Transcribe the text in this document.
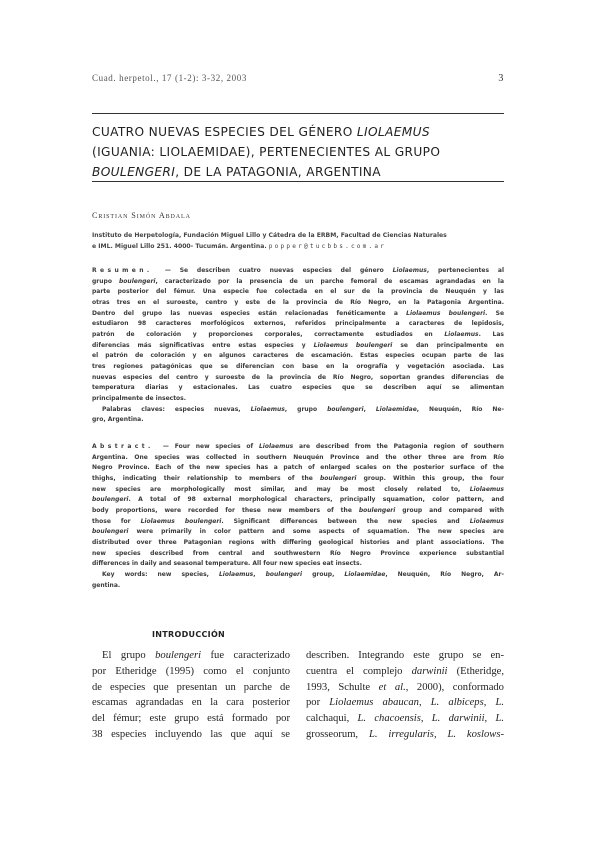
Cuad. herpetol., 17 (1-2): 3-32, 2003	3
CUATRO NUEVAS ESPECIES DEL GÉNERO LIOLAEMUS
(IGUANIA: LIOLAEMIDAE), PERTENECIENTES AL GRUPO
BOULENGERI, DE LA PATAGONIA, ARGENTINA
Cristian Simón Abdala
Instituto de Herpetología, Fundación Miguel Lillo y Cátedra de la ERBM, Facultad de Ciencias Naturales
e IML. Miguel Lillo 251. 4000- Tucumán. Argentina. popper@tucbbs.com.ar
Resumen. — Se describen cuatro nuevas especies del género Liolaemus, pertenecientes al
grupo boulengeri, caracterizado por la presencia de un parche femoral de escamas agrandadas en la
parte posterior del fémur. Una especie fue colectada en el sur de la provincia de Neuquén y las
otras tres en el suroeste, centro y este de la provincia de Río Negro, en la Patagonia Argentina.
Dentro del grupo las nuevas especies están relacionadas fenéticamente a Liolaemus boulengeri. Se
estudiaron 98 caracteres morfológicos externos, referidos principalmente a caracteres de lepidosis,
patrón de coloración y proporciones corporales, correctamente estudiados en Liolaemus. Las
diferencias más significativas entre estas especies y Liolaemus boulengeri se dan principalmente en
el patrón de coloración y en algunos caracteres de escamación. Estas especies ocupan parte de las
tres regiones patagónicas que se diferencian con base en la orografía y vegetación asociada. Las
nuevas especies del centro y suroeste de la provincia de Río Negro, soportan grandes diferencias de
temperatura diarias y estacionales. Las cuatro especies que se describen aquí se alimentan
principalmente de insectos.
Palabras claves: especies nuevas, Liolaemus, grupo boulengeri, Liolaemidae, Neuquén, Río Ne-
gro, Argentina.
Abstract. — Four new species of Liolaemus are described from the Patagonia region of southern
Argentina. One species was collected in southern Neuquén Province and the other three are from Río
Negro Province. Each of the new species has a patch of enlarged scales on the posterior surface of the
thighs, indicating their relationship to members of the boulengeri group. Within this group, the four
new species are morphologically most similar, and may be most closely related to, Liolaemus
boulengeri. A total of 98 external morphological characters, principally squamation, color pattern, and
body proportions, were recorded for these new members of the boulengeri group and compared with
those for Liolaemus boulengeri. Significant differences between the new species and Liolaemus
boulengeri were primarily in color pattern and some aspects of squamation. The new species are
distributed over three Patagonian regions with differing geological histories and plant associations. The
new species described from central and southwestern Río Negro Province experience substantial
differences in daily and seasonal temperature. All four new species eat insects.
Key words: new species, Liolaemus, boulengeri group, Liolaemidae, Neuquén, Río Negro, Ar-
gentina.
INTRODUCCIÓN
El grupo boulengeri fue caracterizado
por Etheridge (1995) como el conjunto
de especies que presentan un parche de
escamas agrandadas en la cara posterior
del fémur; este grupo está formado por
38 especies incluyendo las que aquí se
describen. Integrando este grupo se en-
cuentra el complejo darwinii (Etheridge,
1993, Schulte et al., 2000), conformado
por Liolaemus abaucan, L. albiceps, L.
calchaqui, L. chacoensis, L. darwinii, L.
grosseorum, L. irregularis, L. koslows-
